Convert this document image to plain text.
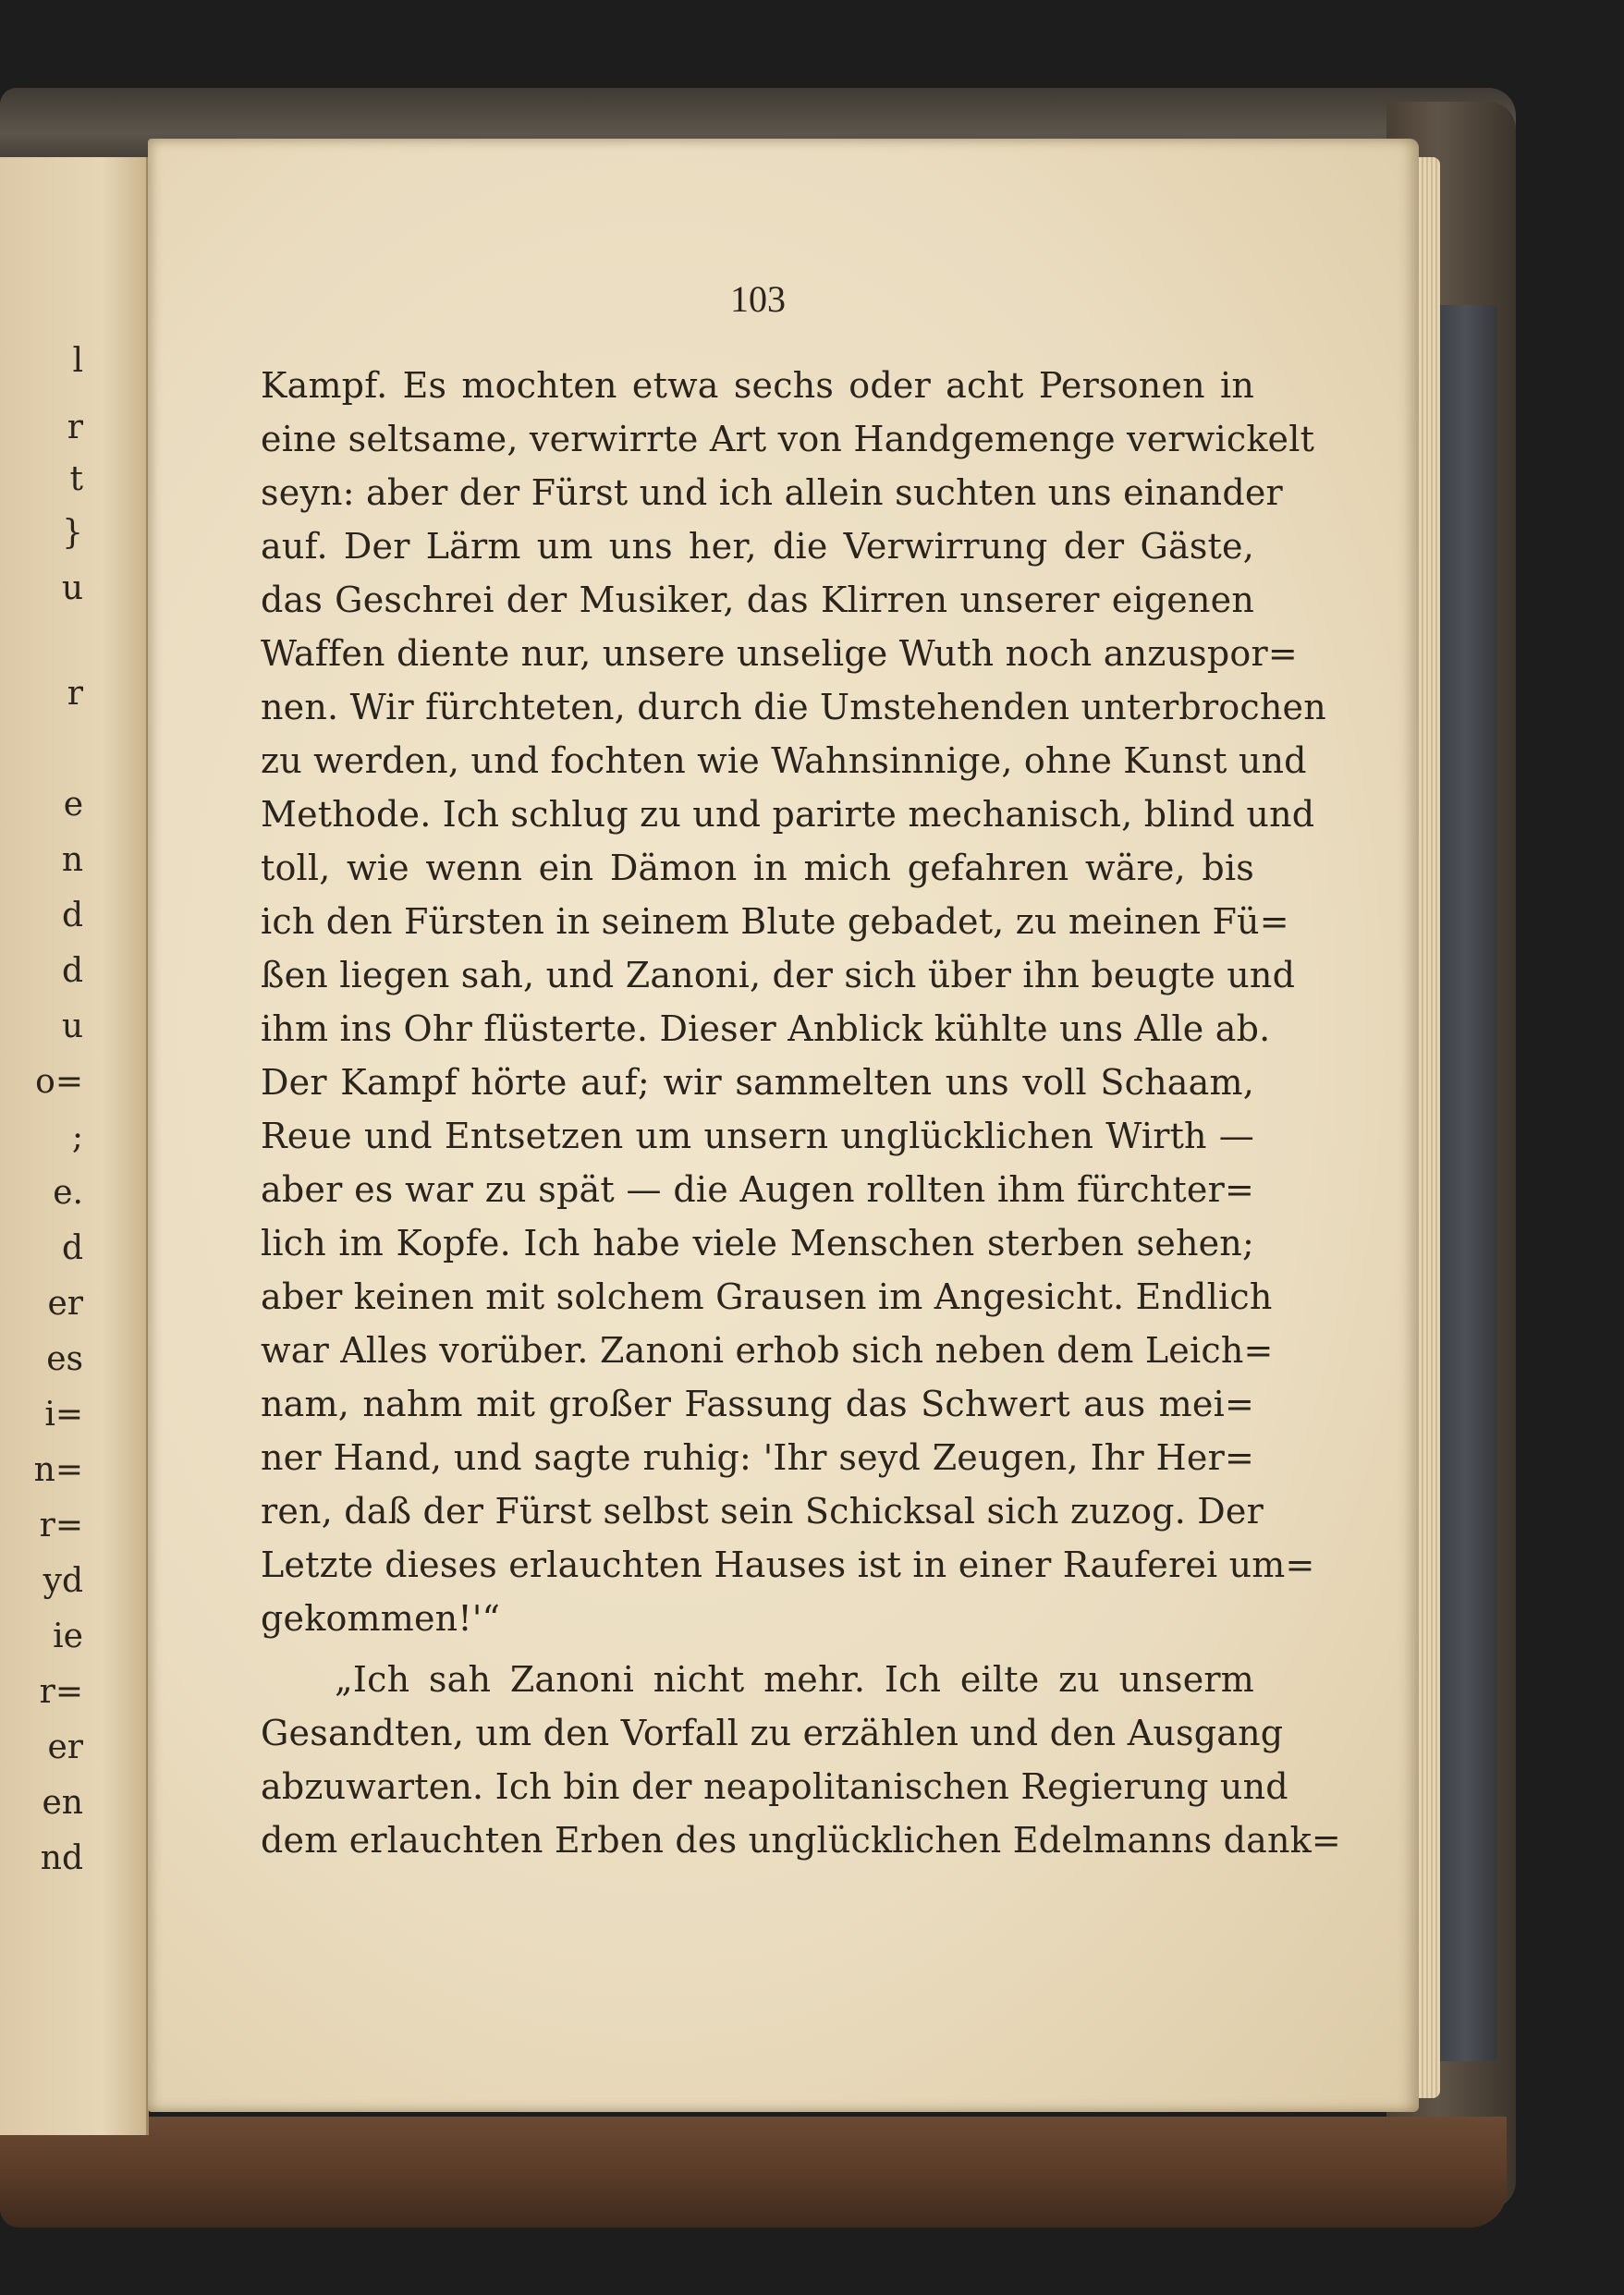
l
r
t
}
u
r
e
n
d
d
u
o=
;
e.
d
er
es
i=
n=
r=
yd
ie
r=
er
en
nd
103
Kampf. Es mochten etwa sechs oder acht Personen in
eine seltsame, verwirrte Art von Handgemenge verwickelt
seyn: aber der Fürst und ich allein suchten uns einander
auf. Der Lärm um uns her, die Verwirrung der Gäste,
das Geschrei der Musiker, das Klirren unserer eigenen
Waffen diente nur, unsere unselige Wuth noch anzuspor=
nen. Wir fürchteten, durch die Umstehenden unterbrochen
zu werden, und fochten wie Wahnsinnige, ohne Kunst und
Methode. Ich schlug zu und parirte mechanisch, blind und
toll, wie wenn ein Dämon in mich gefahren wäre, bis
ich den Fürsten in seinem Blute gebadet, zu meinen Fü=
ßen liegen sah, und Zanoni, der sich über ihn beugte und
ihm ins Ohr flüsterte. Dieser Anblick kühlte uns Alle ab.
Der Kampf hörte auf; wir sammelten uns voll Schaam,
Reue und Entsetzen um unsern unglücklichen Wirth —
aber es war zu spät — die Augen rollten ihm fürchter=
lich im Kopfe. Ich habe viele Menschen sterben sehen;
aber keinen mit solchem Grausen im Angesicht. Endlich
war Alles vorüber. Zanoni erhob sich neben dem Leich=
nam, nahm mit großer Fassung das Schwert aus mei=
ner Hand, und sagte ruhig: 'Ihr seyd Zeugen, Ihr Her=
ren, daß der Fürst selbst sein Schicksal sich zuzog. Der
Letzte dieses erlauchten Hauses ist in einer Rauferei um=
gekommen!'“
„Ich sah Zanoni nicht mehr. Ich eilte zu unserm
Gesandten, um den Vorfall zu erzählen und den Ausgang
abzuwarten. Ich bin der neapolitanischen Regierung und
dem erlauchten Erben des unglücklichen Edelmanns dank=
